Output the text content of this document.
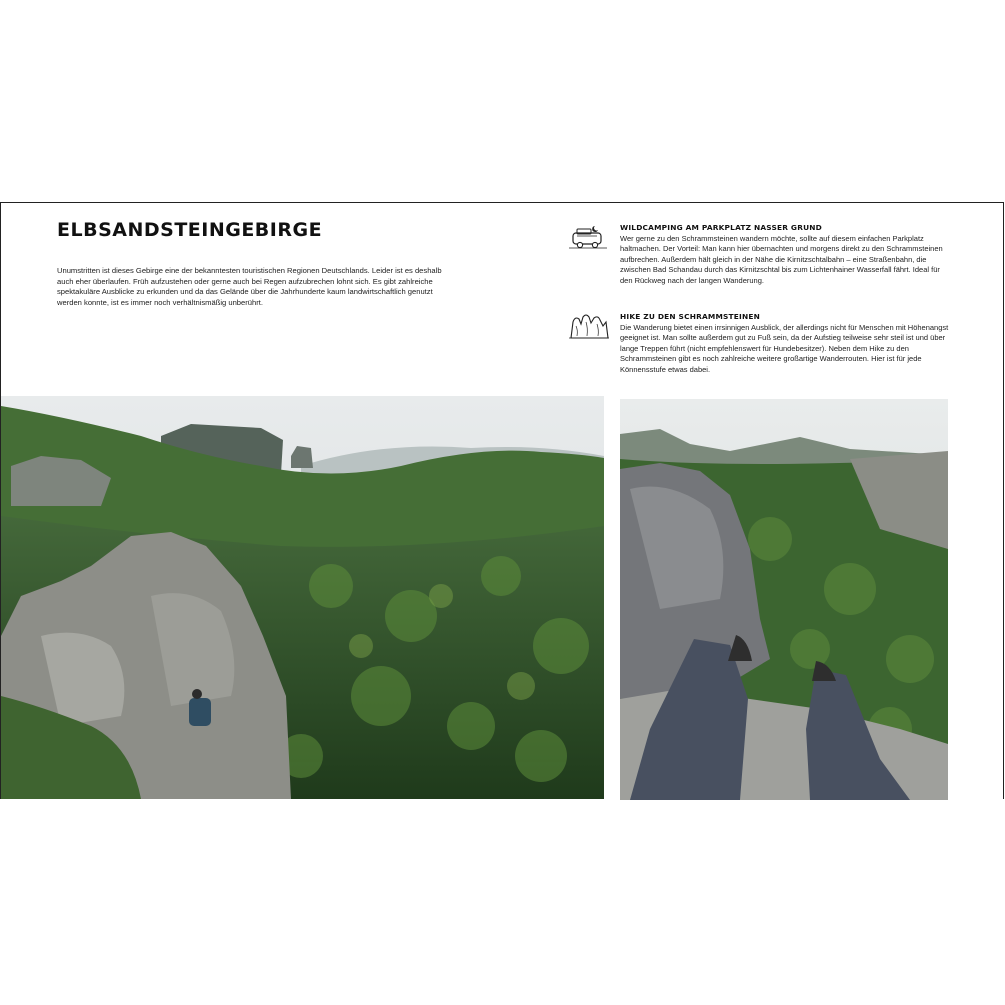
ELBSANDSTEINGEBIRGE

Unumstritten ist dieses Gebirge eine der bekanntesten touristischen Regionen Deutschlands. Leider ist es deshalb auch eher überlaufen. Früh aufzustehen oder gerne auch bei Regen aufzubrechen lohnt sich. Es gibt zahlreiche spektakuläre Ausblicke zu erkunden und da das Gelände über die Jahrhunderte kaum landwirtschaftlich genutzt werden konnte, ist es immer noch verhältnismäßig unberührt.

WILDCAMPING AM PARKPLATZ NASSER GRUND

Wer gerne zu den Schrammsteinen wandern möchte, sollte auf diesem einfachen Parkplatz haltmachen. Der Vorteil: Man kann hier übernachten und morgens direkt zu den Schrammsteinen aufbrechen. Außerdem hält gleich in der Nähe die Kirnitzschtalbahn – eine Straßenbahn, die zwischen Bad Schandau durch das Kirnitzschtal bis zum Lichtenhainer Wasserfall fährt. Ideal für den Rückweg nach der langen Wanderung.

HIKE ZU DEN SCHRAMMSTEINEN

Die Wanderung bietet einen irrsinnigen Ausblick, der allerdings nicht für Menschen mit Höhenangst geeignet ist. Man sollte außerdem gut zu Fuß sein, da der Aufstieg teilweise sehr steil ist und über lange Treppen führt (nicht empfehlenswert für Hundebesitzer). Neben dem Hike zu den Schrammsteinen gibt es noch zahlreiche weitere großartige Wanderrouten. Hier ist für jede Könnensstufe etwas dabei.
